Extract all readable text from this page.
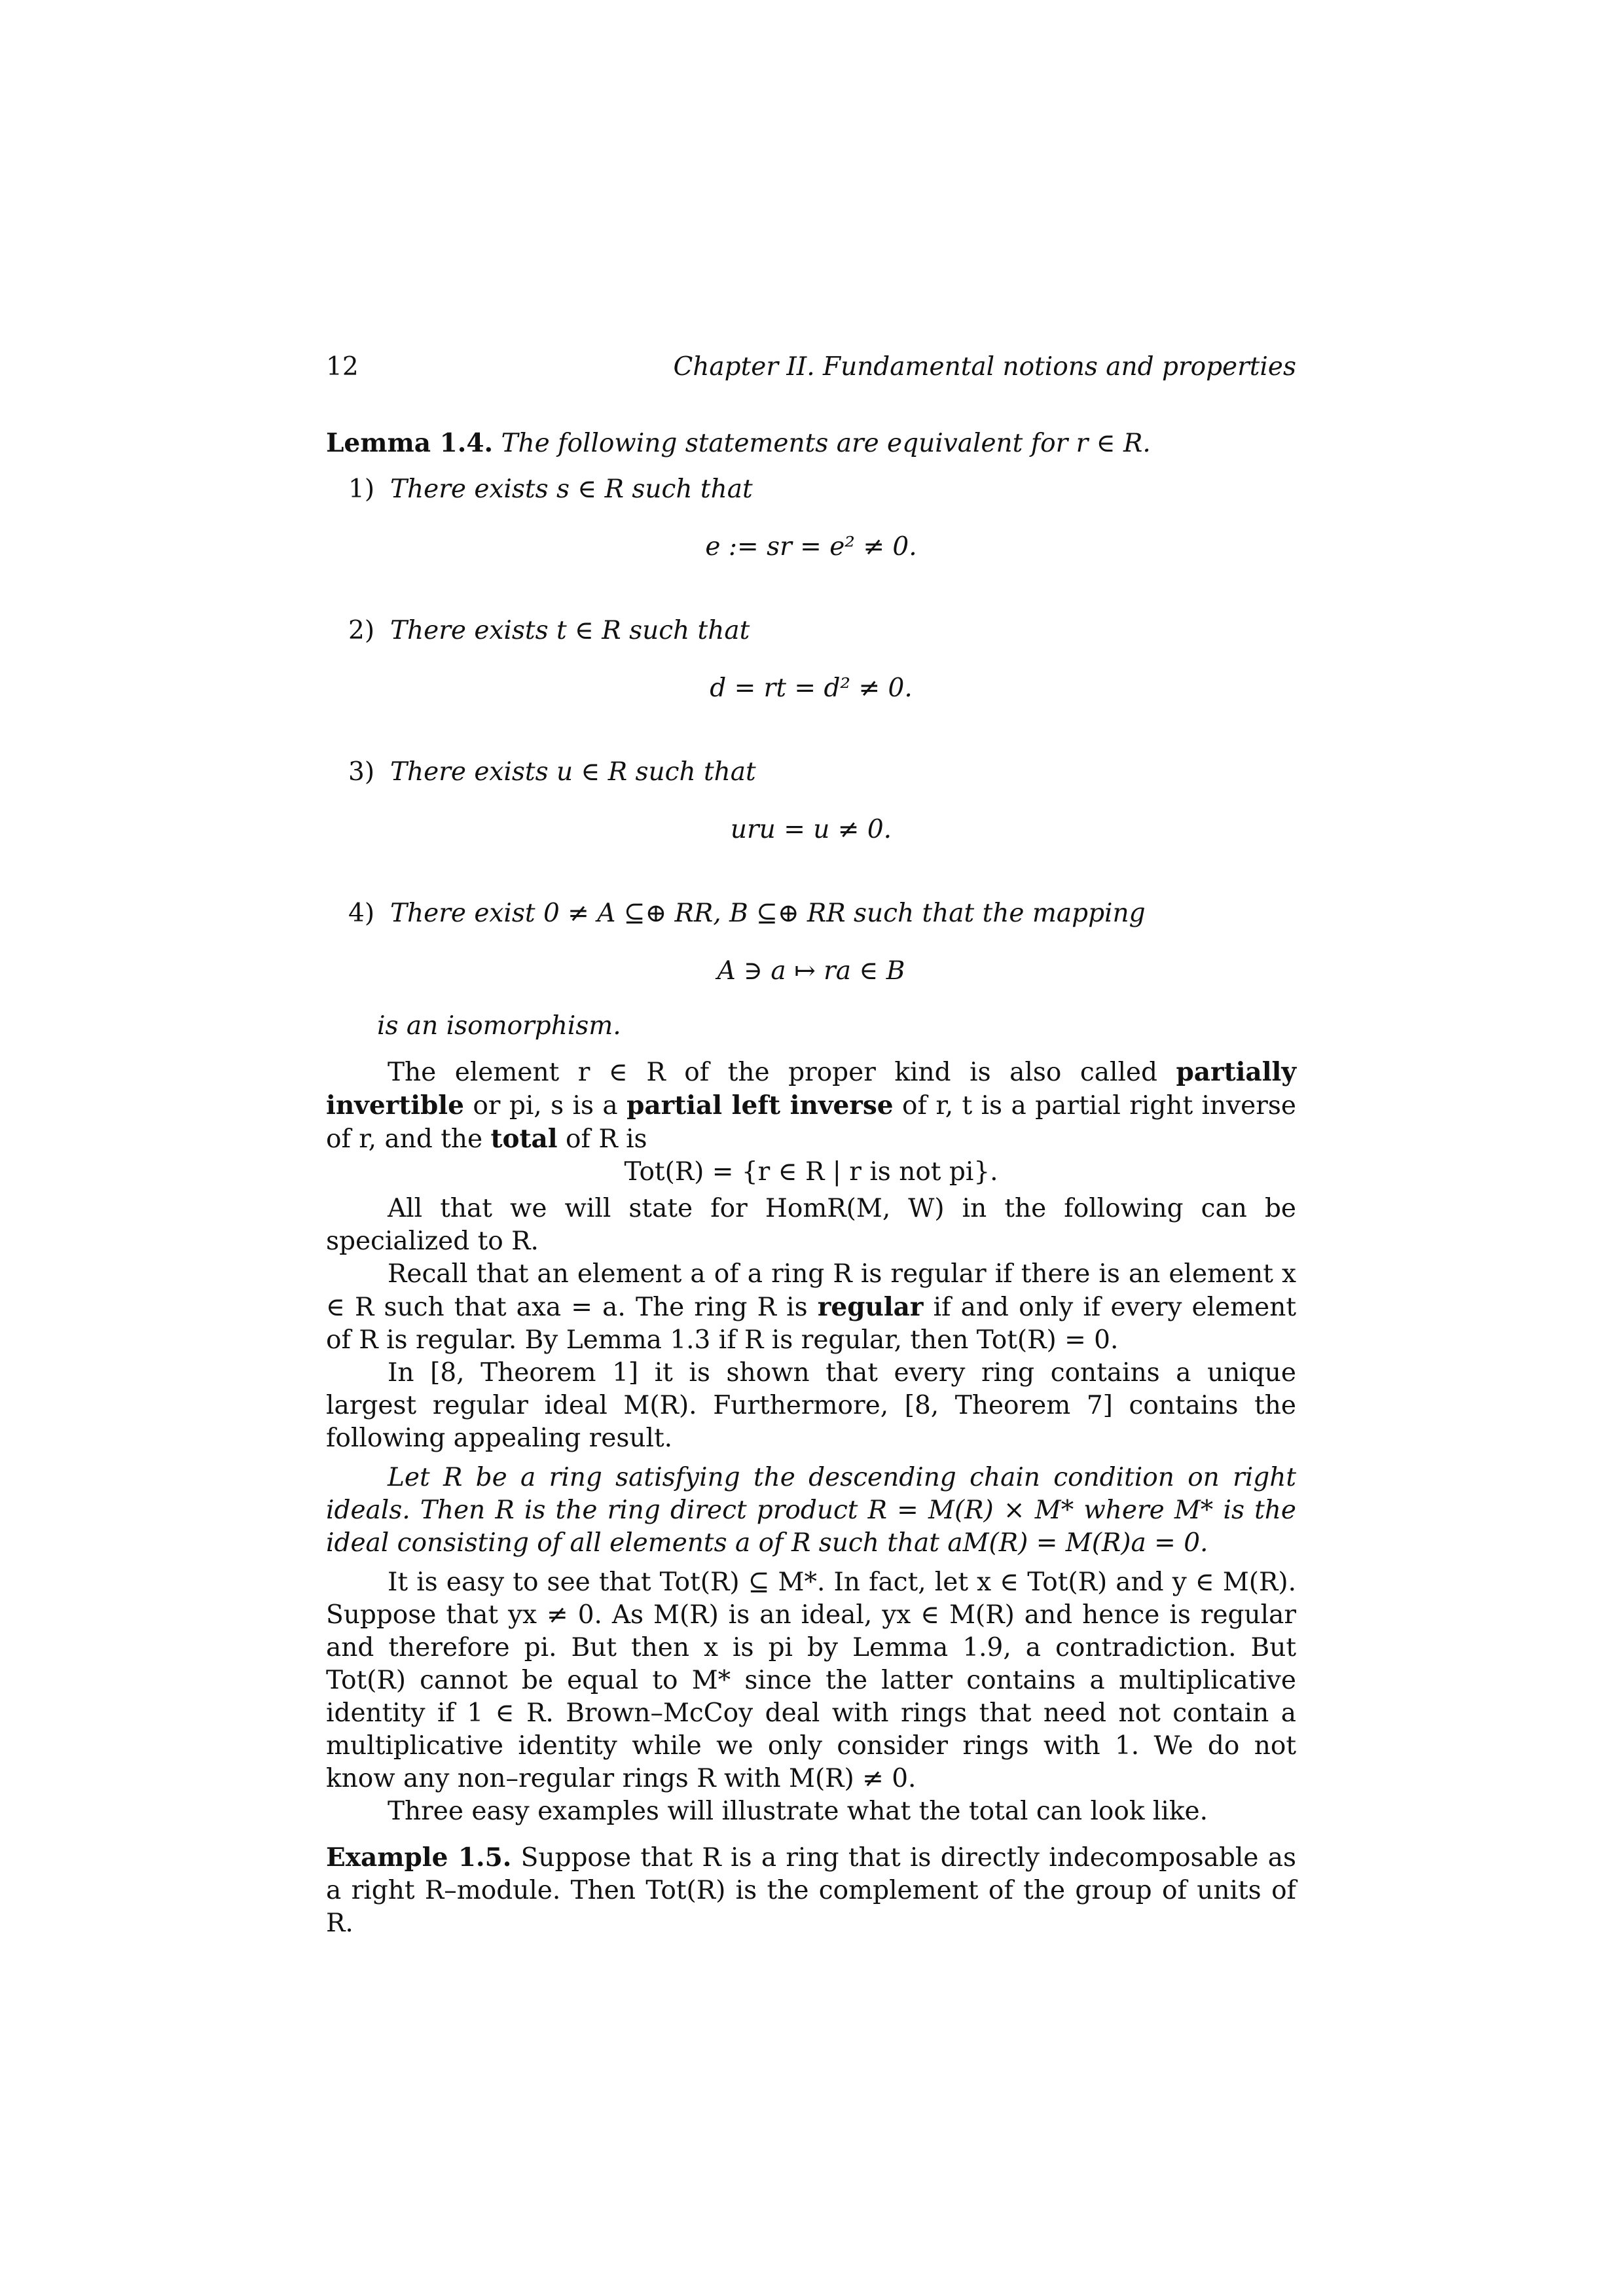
12	Chapter II. Fundamental notions and properties

Lemma 1.4. The following statements are equivalent for r ∈ R.

1) There exists s ∈ R such that

e := sr = e² ≠ 0.

2) There exists t ∈ R such that

d = rt = d² ≠ 0.

3) There exists u ∈ R such that

uru = u ≠ 0.

4) There exist 0 ≠ A ⊆⊕ RR, B ⊆⊕ RR such that the mapping

A ∋ a ↦ ra ∈ B

is an isomorphism.

The element r ∈ R of the proper kind is also called partially invertible or pi, s is a partial left inverse of r, t is a partial right inverse of r, and the total of R is

Tot(R) = {r ∈ R | r is not pi}.

All that we will state for HomR(M, W) in the following can be specialized to R.

Recall that an element a of a ring R is regular if there is an element x ∈ R such that axa = a. The ring R is regular if and only if every element of R is regular. By Lemma 1.3 if R is regular, then Tot(R) = 0.

In [8, Theorem 1] it is shown that every ring contains a unique largest regular ideal M(R). Furthermore, [8, Theorem 7] contains the following appealing result.

Let R be a ring satisfying the descending chain condition on right ideals. Then R is the ring direct product R = M(R) × M* where M* is the ideal consisting of all elements a of R such that aM(R) = M(R)a = 0.

It is easy to see that Tot(R) ⊆ M*. In fact, let x ∈ Tot(R) and y ∈ M(R). Suppose that yx ≠ 0. As M(R) is an ideal, yx ∈ M(R) and hence is regular and therefore pi. But then x is pi by Lemma 1.9, a contradiction. But Tot(R) cannot be equal to M* since the latter contains a multiplicative identity if 1 ∈ R. Brown–McCoy deal with rings that need not contain a multiplicative identity while we only consider rings with 1. We do not know any non–regular rings R with M(R) ≠ 0.

Three easy examples will illustrate what the total can look like.

Example 1.5. Suppose that R is a ring that is directly indecomposable as a right R–module. Then Tot(R) is the complement of the group of units of R.
